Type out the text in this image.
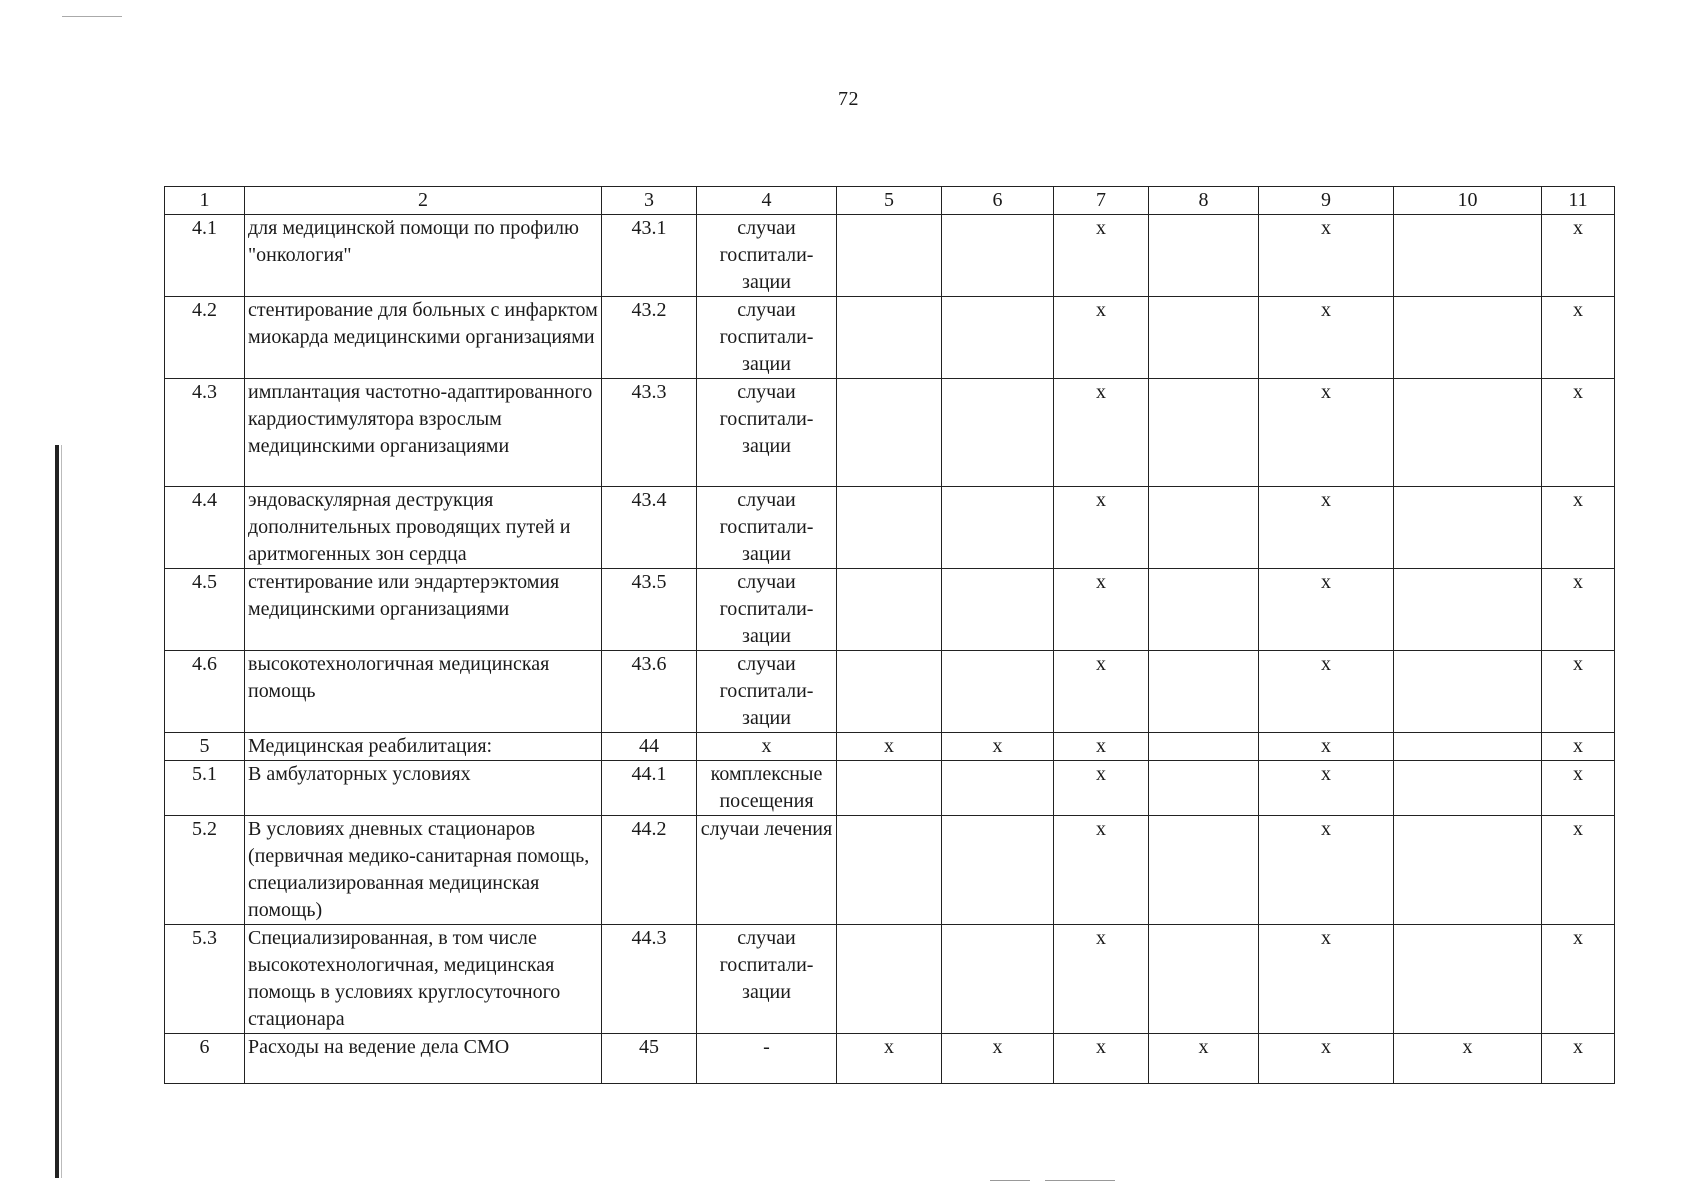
72
1	2	3	4	5	6	7	8	9	10	11
4.1	для медицинской помощи по профилю "онкология"	43.1	случаи госпитали-зации			х		х		х
4.2	стентирование для больных с инфарктом миокарда медицинскими организациями	43.2	случаи госпитали-зации			х		х		х
4.3	имплантация частотно-адаптированного кардиостимулятора взрослым медицинскими организациями	43.3	случаи госпитали-зации			х		х		х
4.4	эндоваскулярная деструкция дополнительных проводящих путей и аритмогенных зон сердца	43.4	случаи госпитали-зации			х		х		х
4.5	стентирование или эндартерэктомия медицинскими организациями	43.5	случаи госпитали-зации			х		х		х
4.6	высокотехнологичная медицинская помощь	43.6	случаи госпитали-зации			х		х		х
5	Медицинская реабилитация:	44	х	х	х	х		х		х
5.1	В амбулаторных условиях	44.1	комплексные посещения			х		х		х
5.2	В условиях дневных стационаров (первичная медико-санитарная помощь, специализированная медицинская помощь)	44.2	случаи лечения			х		х		х
5.3	Специализированная, в том числе высокотехнологичная, медицинская помощь в условиях круглосуточного стационара	44.3	случаи госпитали-зации			х		х		х
6	Расходы на ведение дела СМО	45	-	х	х	х	х	х	х	х
